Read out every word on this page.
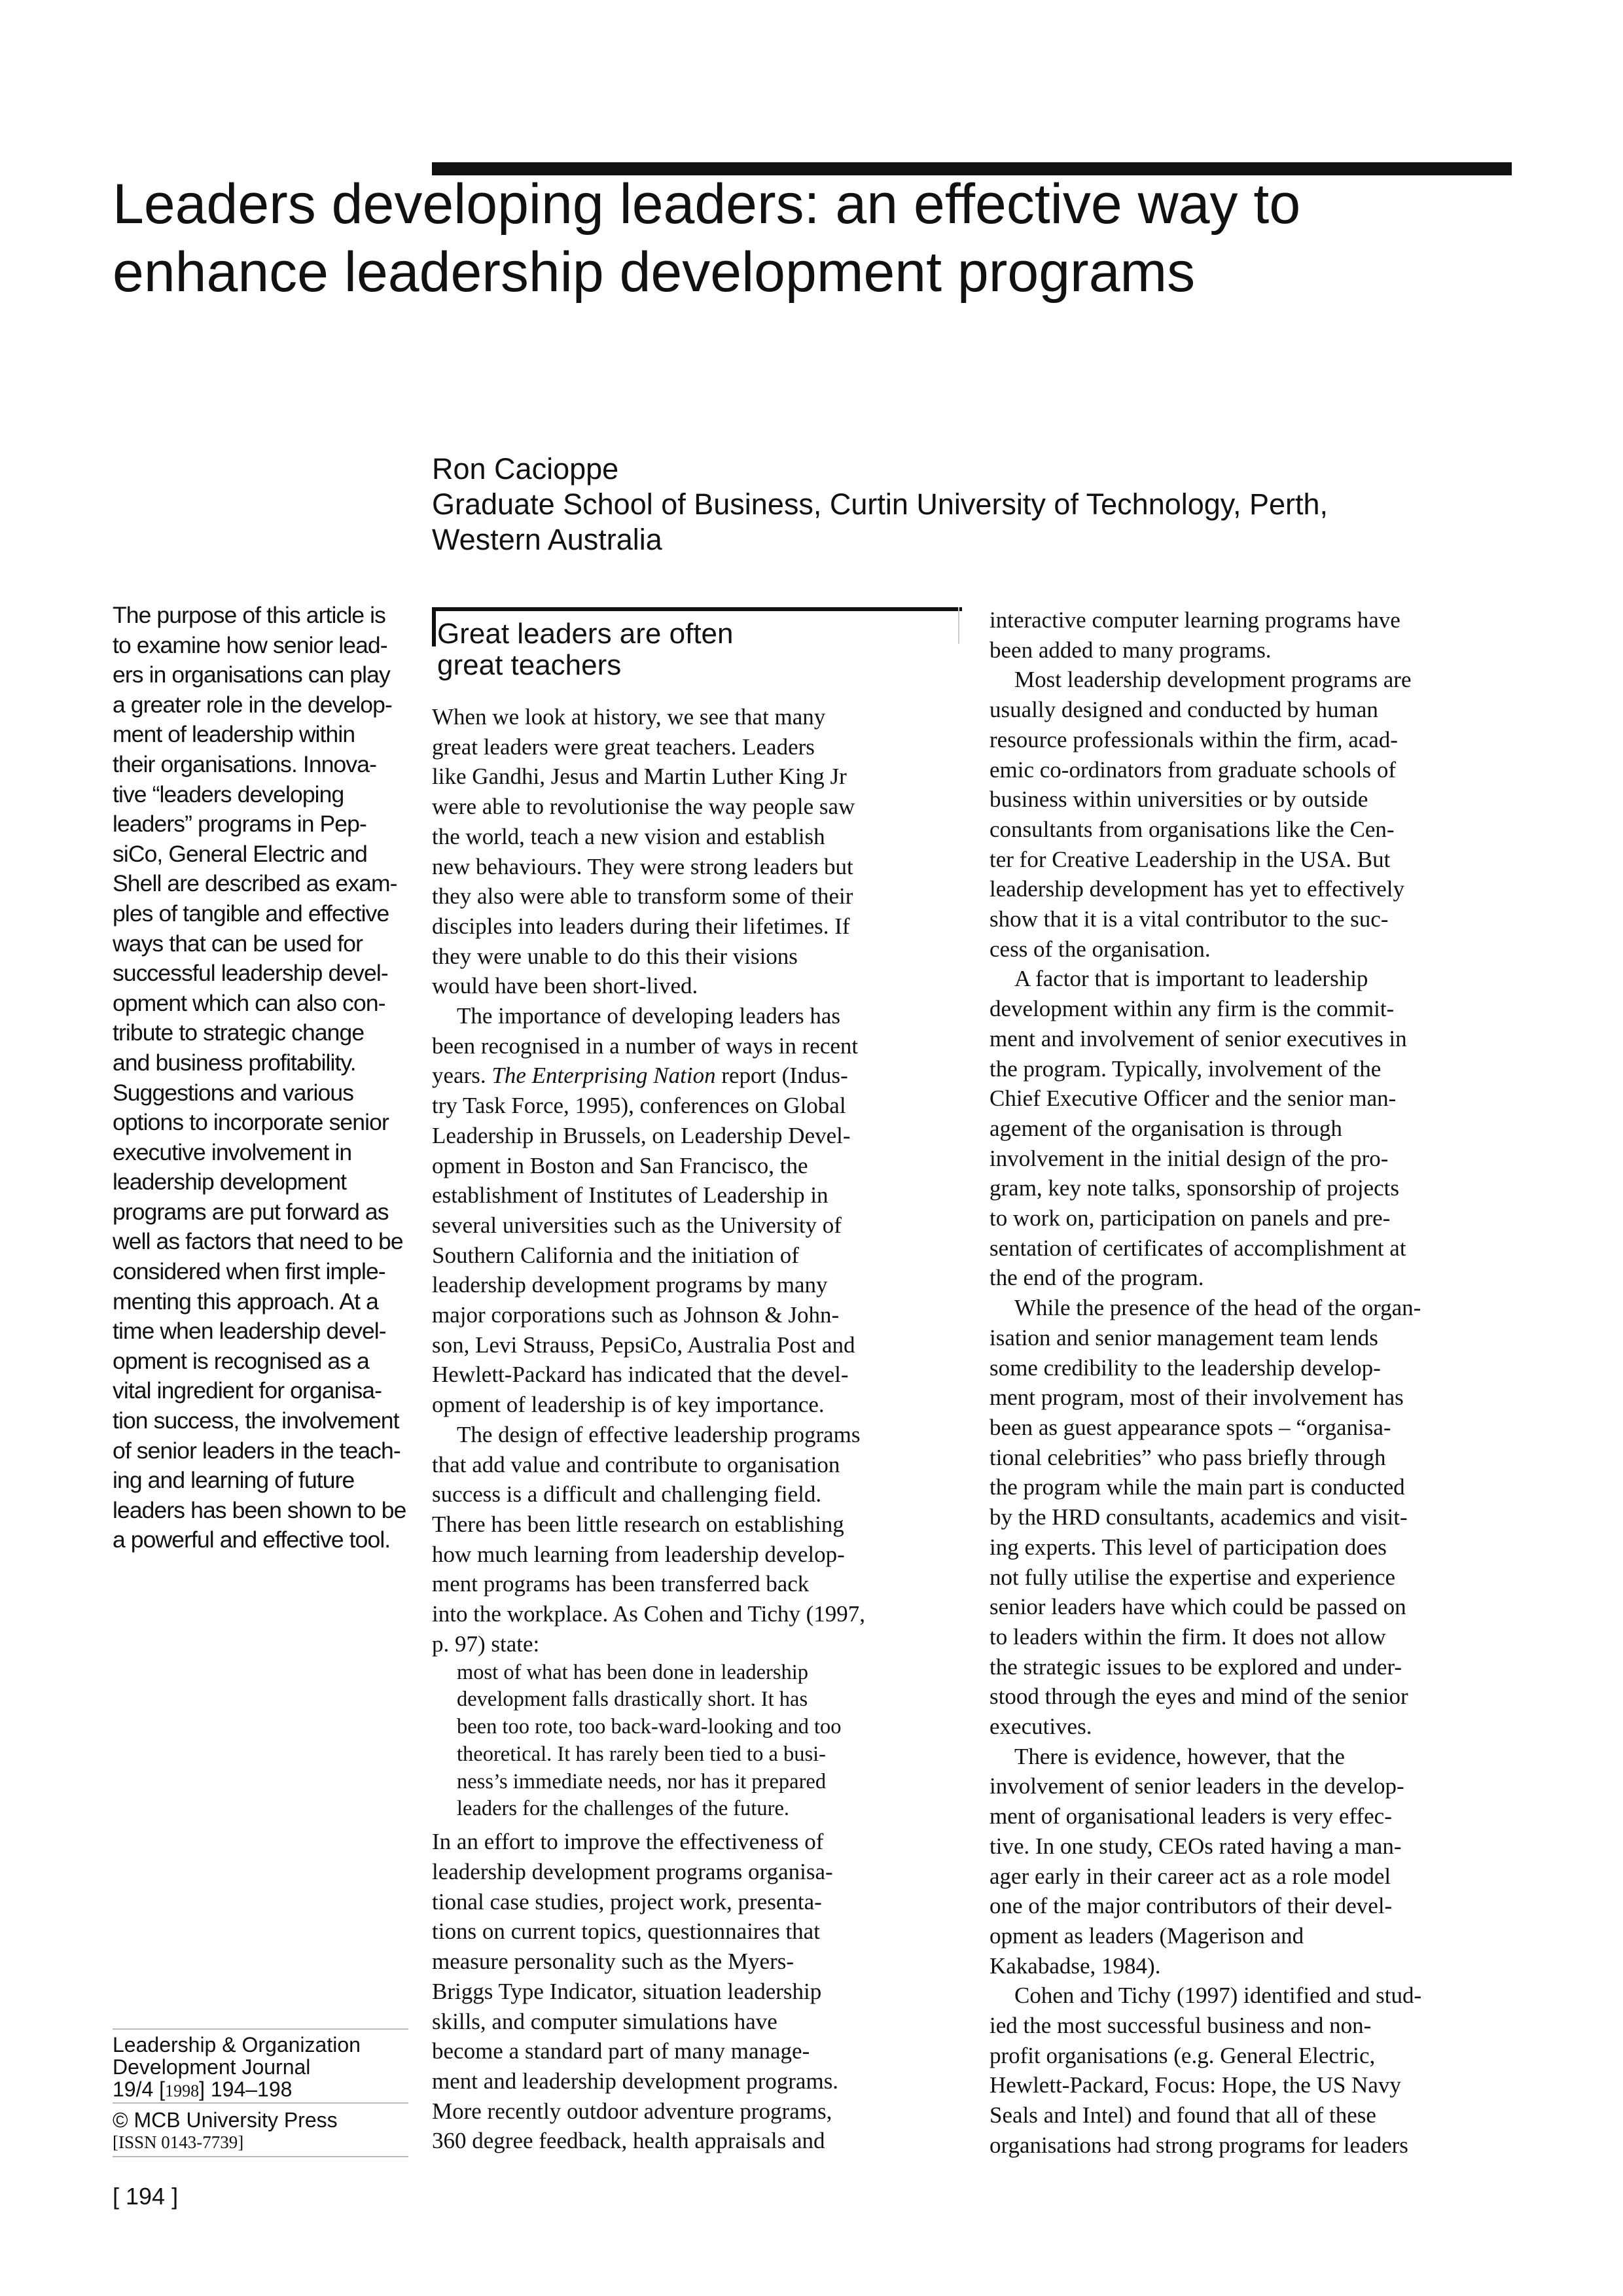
Leaders developing leaders: an effective way to
enhance leadership development programs
Ron Cacioppe
Graduate School of Business, Curtin University of Technology, Perth,
Western Australia

The purpose of this article is
to examine how senior lead-
ers in organisations can play
a greater role in the develop-
ment of leadership within
their organisations. Innova-
tive “leaders developing
leaders” programs in Pep-
siCo, General Electric and
Shell are described as exam-
ples of tangible and effective
ways that can be used for
successful leadership devel-
opment which can also con-
tribute to strategic change
and business profitability.
Suggestions and various
options to incorporate senior
executive involvement in
leadership development
programs are put forward as
well as factors that need to be
considered when first imple-
menting this approach. At a
time when leadership devel-
opment is recognised as a
vital ingredient for organisa-
tion success, the involvement
of senior leaders in the teach-
ing and learning of future
leaders has been shown to be
a powerful and effective tool.

Leadership & Organization
Development Journal
19/4 [1998] 194–198
© MCB University Press
[ISSN 0143-7739]
[ 194 ]
Great leaders are often
great teachers
When we look at history, we see that many
great leaders were great teachers. Leaders
like Gandhi, Jesus and Martin Luther King Jr
were able to revolutionise the way people saw
the world, teach a new vision and establish
new behaviours. They were strong leaders but
they also were able to transform some of their
disciples into leaders during their lifetimes. If
they were unable to do this their visions
would have been short-lived.
The importance of developing leaders has
been recognised in a number of ways in recent
years. The Enterprising Nation report (Indus-
try Task Force, 1995), conferences on Global
Leadership in Brussels, on Leadership Devel-
opment in Boston and San Francisco, the
establishment of Institutes of Leadership in
several universities such as the University of
Southern California and the initiation of
leadership development programs by many
major corporations such as Johnson & John-
son, Levi Strauss, PepsiCo, Australia Post and
Hewlett-Packard has indicated that the devel-
opment of leadership is of key importance.
The design of effective leadership programs
that add value and contribute to organisation
success is a difficult and challenging field.
There has been little research on establishing
how much learning from leadership develop-
ment programs has been transferred back
into the workplace. As Cohen and Tichy (1997,
p. 97) state:
most of what has been done in leadership
development falls drastically short. It has
been too rote, too back-ward-looking and too
theoretical. It has rarely been tied to a busi-
ness’s immediate needs, nor has it prepared
leaders for the challenges of the future.
In an effort to improve the effectiveness of
leadership development programs organisa-
tional case studies, project work, presenta-
tions on current topics, questionnaires that
measure personality such as the Myers-
Briggs Type Indicator, situation leadership
skills, and computer simulations have
become a standard part of many manage-
ment and leadership development programs.
More recently outdoor adventure programs,
360 degree feedback, health appraisals and
interactive computer learning programs have
been added to many programs.
Most leadership development programs are
usually designed and conducted by human
resource professionals within the firm, acad-
emic co-ordinators from graduate schools of
business within universities or by outside
consultants from organisations like the Cen-
ter for Creative Leadership in the USA. But
leadership development has yet to effectively
show that it is a vital contributor to the suc-
cess of the organisation.
A factor that is important to leadership
development within any firm is the commit-
ment and involvement of senior executives in
the program. Typically, involvement of the
Chief Executive Officer and the senior man-
agement of the organisation is through
involvement in the initial design of the pro-
gram, key note talks, sponsorship of projects
to work on, participation on panels and pre-
sentation of certificates of accomplishment at
the end of the program.
While the presence of the head of the organ-
isation and senior management team lends
some credibility to the leadership develop-
ment program, most of their involvement has
been as guest appearance spots – “organisa-
tional celebrities” who pass briefly through
the program while the main part is conducted
by the HRD consultants, academics and visit-
ing experts. This level of participation does
not fully utilise the expertise and experience
senior leaders have which could be passed on
to leaders within the firm. It does not allow
the strategic issues to be explored and under-
stood through the eyes and mind of the senior
executives.
There is evidence, however, that the
involvement of senior leaders in the develop-
ment of organisational leaders is very effec-
tive. In one study, CEOs rated having a man-
ager early in their career act as a role model
one of the major contributors of their devel-
opment as leaders (Magerison and
Kakabadse, 1984).
Cohen and Tichy (1997) identified and stud-
ied the most successful business and non-
profit organisations (e.g. General Electric,
Hewlett-Packard, Focus: Hope, the US Navy
Seals and Intel) and found that all of these
organisations had strong programs for leaders
